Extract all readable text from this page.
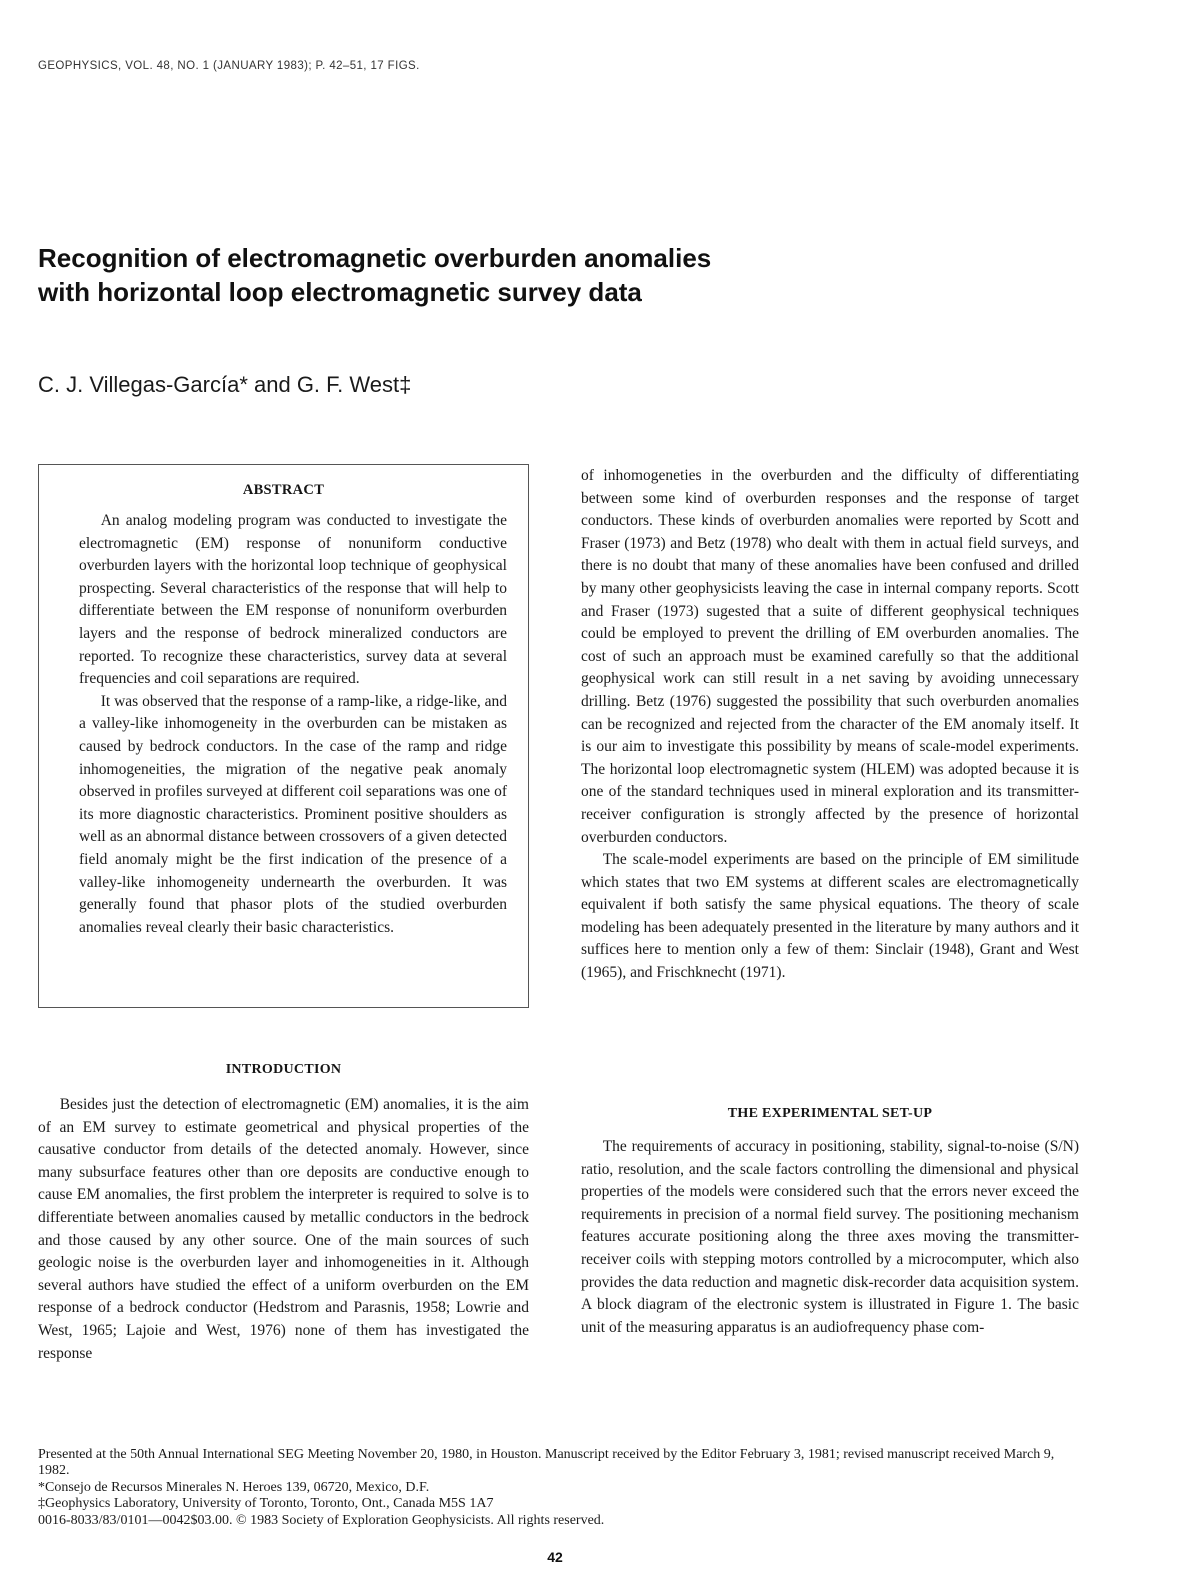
GEOPHYSICS, VOL. 48, NO. 1 (JANUARY 1983); P. 42–51, 17 FIGS.
Recognition of electromagnetic overburden anomalies
with horizontal loop electromagnetic survey data

C. J. Villegas-García* and G. F. West‡

ABSTRACT

An analog modeling program was conducted to investigate the electromagnetic (EM) response of nonuniform conductive overburden layers with the horizontal loop technique of geophysical prospecting. Several characteristics of the response that will help to differentiate between the EM response of nonuniform overburden layers and the response of bedrock mineralized conductors are reported. To recognize these characteristics, survey data at several frequencies and coil separations are required.

It was observed that the response of a ramp-like, a ridge-like, and a valley-like inhomogeneity in the overburden can be mistaken as caused by bedrock conductors. In the case of the ramp and ridge inhomogeneities, the migration of the negative peak anomaly observed in profiles surveyed at different coil separations was one of its more diagnostic characteristics. Prominent positive shoulders as well as an abnormal distance between crossovers of a given detected field anomaly might be the first indication of the presence of a valley-like inhomogeneity undernearth the overburden. It was generally found that phasor plots of the studied overburden anomalies reveal clearly their basic characteristics.

INTRODUCTION

Besides just the detection of electromagnetic (EM) anomalies, it is the aim of an EM survey to estimate geometrical and physical properties of the causative conductor from details of the detected anomaly. However, since many subsurface features other than ore deposits are conductive enough to cause EM anomalies, the first problem the interpreter is required to solve is to differentiate between anomalies caused by metallic conductors in the bedrock and those caused by any other source. One of the main sources of such geologic noise is the overburden layer and inhomogeneities in it. Although several authors have studied the effect of a uniform overburden on the EM response of a bedrock conductor (Hedstrom and Parasnis, 1958; Lowrie and West, 1965; Lajoie and West, 1976) none of them has investigated the response

of inhomogeneties in the overburden and the difficulty of differentiating between some kind of overburden responses and the response of target conductors. These kinds of overburden anomalies were reported by Scott and Fraser (1973) and Betz (1978) who dealt with them in actual field surveys, and there is no doubt that many of these anomalies have been confused and drilled by many other geophysicists leaving the case in internal company reports. Scott and Fraser (1973) sugested that a suite of different geophysical techniques could be employed to prevent the drilling of EM overburden anomalies. The cost of such an approach must be examined carefully so that the additional geophysical work can still result in a net saving by avoiding unnecessary drilling. Betz (1976) suggested the possibility that such overburden anomalies can be recognized and rejected from the character of the EM anomaly itself. It is our aim to investigate this possibility by means of scale-model experiments. The horizontal loop electromagnetic system (HLEM) was adopted because it is one of the standard techniques used in mineral exploration and its transmitter-receiver configuration is strongly affected by the presence of horizontal overburden conductors.

The scale-model experiments are based on the principle of EM similitude which states that two EM systems at different scales are electromagnetically equivalent if both satisfy the same physical equations. The theory of scale modeling has been adequately presented in the literature by many authors and it suffices here to mention only a few of them: Sinclair (1948), Grant and West (1965), and Frischknecht (1971).

THE EXPERIMENTAL SET-UP

The requirements of accuracy in positioning, stability, signal-to-noise (S/N) ratio, resolution, and the scale factors controlling the dimensional and physical properties of the models were considered such that the errors never exceed the requirements in precision of a normal field survey. The positioning mechanism features accurate positioning along the three axes moving the transmitter-receiver coils with stepping motors controlled by a microcomputer, which also provides the data reduction and magnetic disk-recorder data acquisition system. A block diagram of the electronic system is illustrated in Figure 1. The basic unit of the measuring apparatus is an audiofrequency phase com-

Presented at the 50th Annual International SEG Meeting November 20, 1980, in Houston. Manuscript received by the Editor February 3, 1981; revised manuscript received March 9, 1982.

*Consejo de Recursos Minerales N. Heroes 139, 06720, Mexico, D.F.

‡Geophysics Laboratory, University of Toronto, Toronto, Ont., Canada M5S 1A7

0016-8033/83/0101—0042$03.00. © 1983 Society of Exploration Geophysicists. All rights reserved.

42
